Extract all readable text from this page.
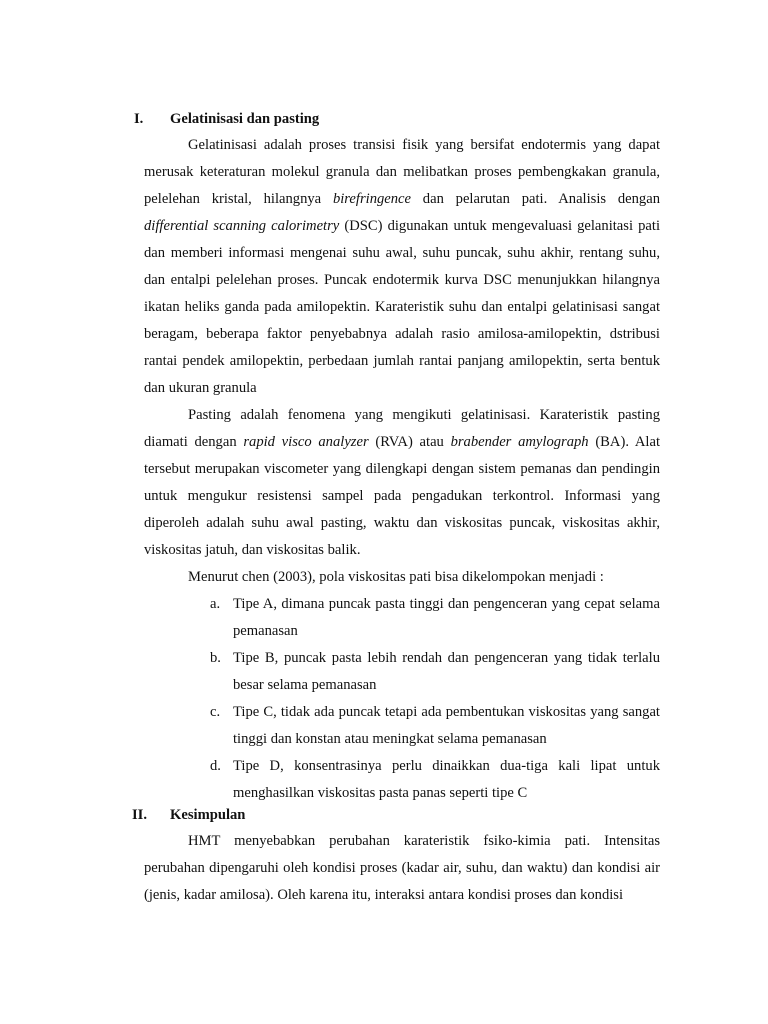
I. Gelatinisasi dan pasting

Gelatinisasi adalah proses transisi fisik yang bersifat endotermis yang dapat merusak keteraturan molekul granula dan melibatkan proses pembengkakan granula, pelelehan kristal, hilangnya birefringence dan pelarutan pati. Analisis dengan differential scanning calorimetry (DSC) digunakan untuk mengevaluasi gelanitasi pati dan memberi informasi mengenai suhu awal, suhu puncak, suhu akhir, rentang suhu, dan entalpi pelelehan proses. Puncak endotermik kurva DSC menunjukkan hilangnya ikatan heliks ganda pada amilopektin. Karateristik suhu dan entalpi gelatinisasi sangat beragam, beberapa faktor penyebabnya adalah rasio amilosa-amilopektin, dstribusi rantai pendek amilopektin, perbedaan jumlah rantai panjang amilopektin, serta bentuk dan ukuran granula

Pasting adalah fenomena yang mengikuti gelatinisasi. Karateristik pasting diamati dengan rapid visco analyzer (RVA) atau brabender amylograph (BA). Alat tersebut merupakan viscometer yang dilengkapi dengan sistem pemanas dan pendingin untuk mengukur resistensi sampel pada pengadukan terkontrol. Informasi yang diperoleh adalah suhu awal pasting, waktu dan viskositas puncak, viskositas akhir, viskositas jatuh, dan viskositas balik.

Menurut chen (2003), pola viskositas pati bisa dikelompokan menjadi :

a. Tipe A, dimana puncak pasta tinggi dan pengenceran yang cepat selama pemanasan
b. Tipe B, puncak pasta lebih rendah dan pengenceran yang tidak terlalu besar selama pemanasan
c. Tipe C, tidak ada puncak tetapi ada pembentukan viskositas yang sangat tinggi dan konstan atau meningkat selama pemanasan
d. Tipe D, konsentrasinya perlu dinaikkan dua-tiga kali lipat untuk menghasilkan viskositas pasta panas seperti tipe C
II. Kesimpulan

HMT menyebabkan perubahan karateristik fsiko-kimia pati. Intensitas perubahan dipengaruhi oleh kondisi proses (kadar air, suhu, dan waktu) dan kondisi air (jenis, kadar amilosa). Oleh karena itu, interaksi antara kondisi proses dan kondisi
